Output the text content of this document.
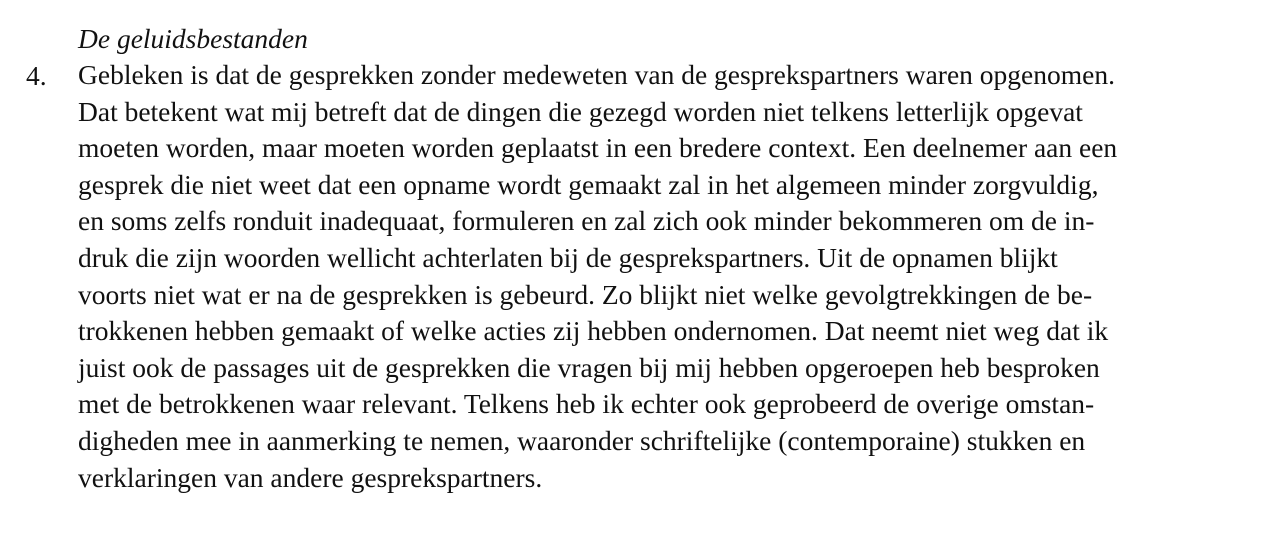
De geluidsbestanden
4. Gebleken is dat de gesprekken zonder medeweten van de gesprekspartners waren opgenomen.
Dat betekent wat mij betreft dat de dingen die gezegd worden niet telkens letterlijk opgevat
moeten worden, maar moeten worden geplaatst in een bredere context. Een deelnemer aan een
gesprek die niet weet dat een opname wordt gemaakt zal in het algemeen minder zorgvuldig,
en soms zelfs ronduit inadequaat, formuleren en zal zich ook minder bekommeren om de in-
druk die zijn woorden wellicht achterlaten bij de gesprekspartners. Uit de opnamen blijkt
voorts niet wat er na de gesprekken is gebeurd. Zo blijkt niet welke gevolgtrekkingen de be-
trokkenen hebben gemaakt of welke acties zij hebben ondernomen. Dat neemt niet weg dat ik
juist ook de passages uit de gesprekken die vragen bij mij hebben opgeroepen heb besproken
met de betrokkenen waar relevant. Telkens heb ik echter ook geprobeerd de overige omstan-
digheden mee in aanmerking te nemen, waaronder schriftelijke (contemporaine) stukken en
verklaringen van andere gesprekspartners.
